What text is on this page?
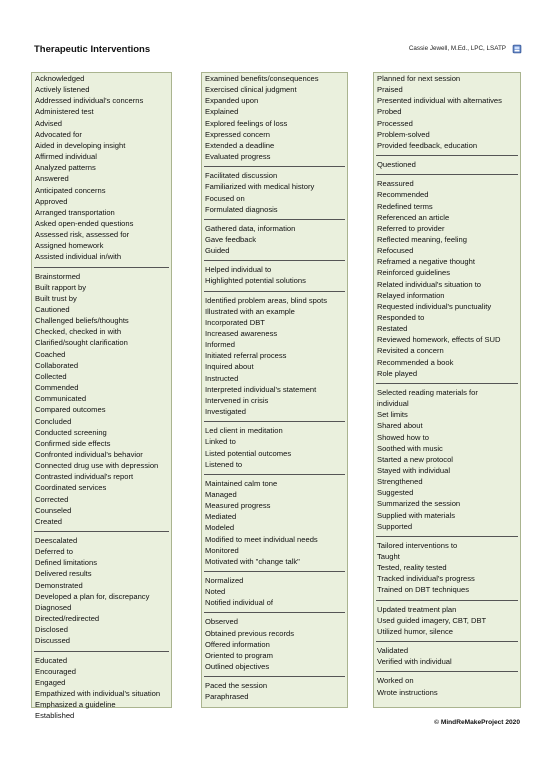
Therapeutic Interventions	Cassie Jewell, M.Ed., LPC, LSATP
Acknowledged
Actively listened
Addressed individual's concerns
Administered test
Advised
Advocated for
Aided in developing insight
Affirmed individual
Analyzed patterns
Answered
Anticipated concerns
Approved
Arranged transportation
Asked open-ended questions
Assessed risk, assessed for
Assigned homework
Assisted individual in/with
Brainstormed
Built rapport by
Built trust by
Cautioned
Challenged beliefs/thoughts
Checked, checked in with
Clarified/sought clarification
Coached
Collaborated
Collected
Commended
Communicated
Compared outcomes
Concluded
Conducted screening
Confirmed side effects
Confronted individual's behavior
Connected drug use with depression
Contrasted individual's report
Coordinated services
Corrected
Counseled
Created
Deescalated
Deferred to
Defined limitations
Delivered results
Demonstrated
Developed a plan for, discrepancy
Diagnosed
Directed/redirected
Disclosed
Discussed
Educated
Encouraged
Engaged
Empathized with individual's situation
Emphasized a guideline
Established
Examined benefits/consequences
Exercised clinical judgment
Expanded upon
Explained
Explored feelings of loss
Expressed concern
Extended a deadline
Evaluated progress
Facilitated discussion
Familiarized with medical history
Focused on
Formulated diagnosis
Gathered data, information
Gave feedback
Guided
Helped individual to
Highlighted potential solutions
Identified problem areas, blind spots
Illustrated with an example
Incorporated DBT
Increased awareness
Informed
Initiated referral process
Inquired about
Instructed
Interpreted individual's statement
Intervened in crisis
Investigated
Led client in meditation
Linked to
Listed potential outcomes
Listened to
Maintained calm tone
Managed
Measured progress
Mediated
Modeled
Modified to meet individual needs
Monitored
Motivated with "change talk"
Normalized
Noted
Notified individual of
Observed
Obtained previous records
Offered information
Oriented to program
Outlined objectives
Paced the session
Paraphrased
Planned for next session
Praised
Presented individual with alternatives
Probed
Processed
Problem-solved
Provided feedback, education
Questioned
Reassured
Recommended
Redefined terms
Referenced an article
Referred to provider
Reflected meaning, feeling
Refocused
Reframed a negative thought
Reinforced guidelines
Related individual's situation to
Relayed information
Requested individual's punctuality
Responded to
Restated
Reviewed homework, effects of SUD
Revisited a concern
Recommended a book
Role played
Selected reading materials for
individual
Set limits
Shared about
Showed how to
Soothed with music
Started a new protocol
Stayed with individual
Strengthened
Suggested
Summarized the session
Supplied with materials
Supported
Tailored interventions to
Taught
Tested, reality tested
Tracked individual's progress
Trained on DBT techniques
Updated treatment plan
Used guided imagery, CBT, DBT
Utilized humor, silence
Validated
Verified with individual
Worked on
Wrote instructions
© MindReMakeProject 2020
